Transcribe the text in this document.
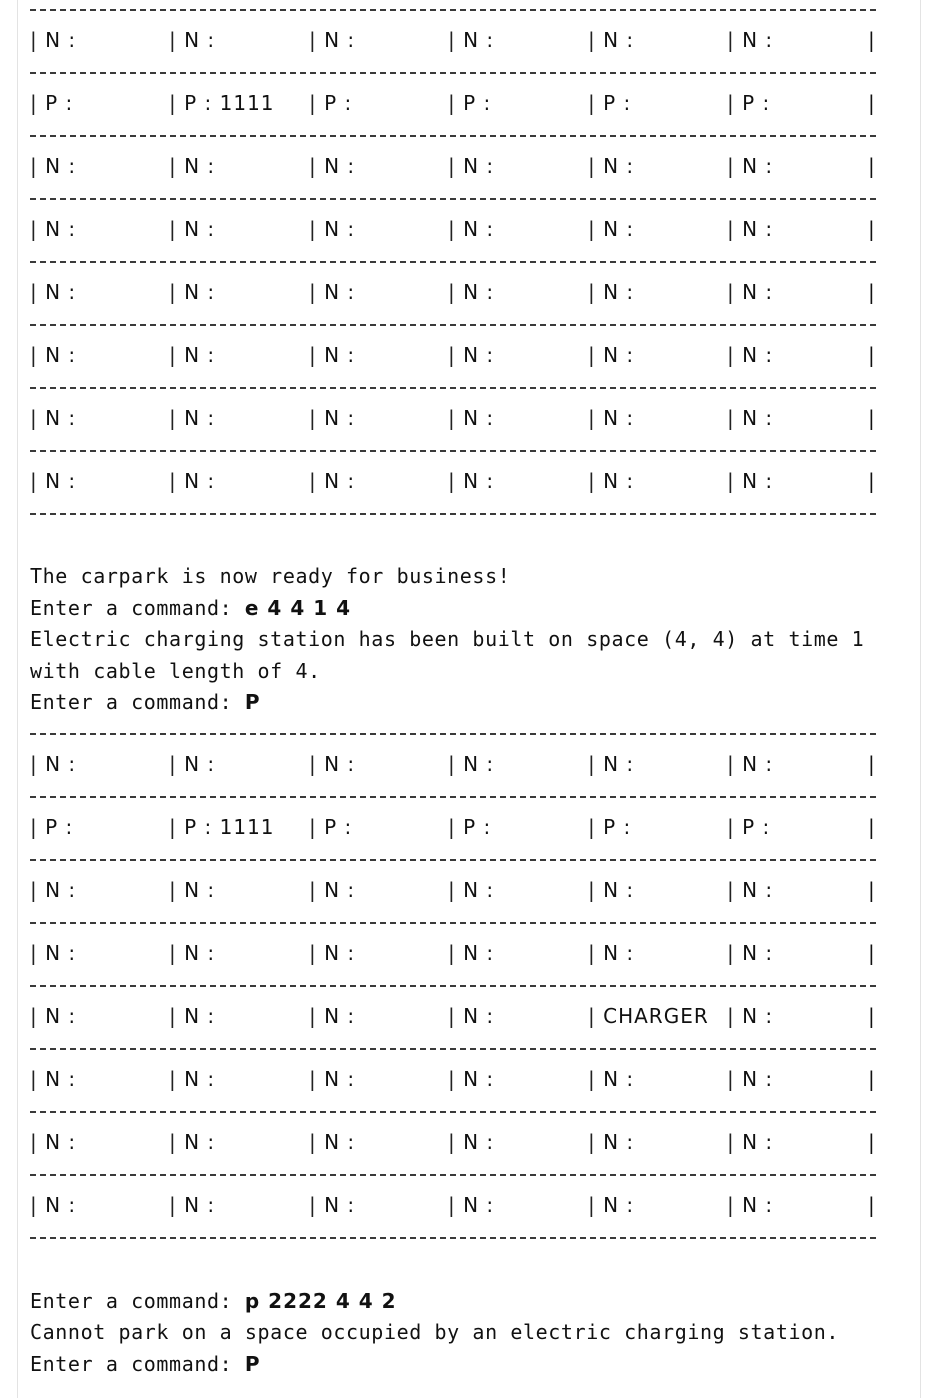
| N :	| N :	| N :	| N :	| N :	| N :	|
| P :	| P : 1111 | P :	| P :	| P :	| P :	|
| N :	| N :	| N :	| N :	| N :	| N :	|
| N :	| N :	| N :	| N :	| N :	| N :	|
| N :	| N :	| N :	| N :	| N :	| N :	|
| N :	| N :	| N :	| N :	| N :	| N :	|
| N :	| N :	| N :	| N :	| N :	| N :	|
| N :	| N :	| N :	| N :	| N :	| N :	|
The carpark is now ready for business!
Enter a command: e 4 4 1 4
Electric charging station has been built on space (4, 4) at time 1
with cable length of 4.
Enter a command: P
| N :	| N :	| N :	| N :	| N :	| N :	|
| P :	| P : 1111 | P :	| P :	| P :	| P :	|
| N :	| N :	| N :	| N :	| N :	| N :	|
| N :	| N :	| N :	| N :	| N :	| N :	|
| N :	| N :	| N :	| N :	| CHARGER | N :	|
| N :	| N :	| N :	| N :	| N :	| N :	|
| N :	| N :	| N :	| N :	| N :	| N :	|
| N :	| N :	| N :	| N :	| N :	| N :	|
Enter a command: p 2222 4 4 2
Cannot park on a space occupied by an electric charging station.
Enter a command: P
